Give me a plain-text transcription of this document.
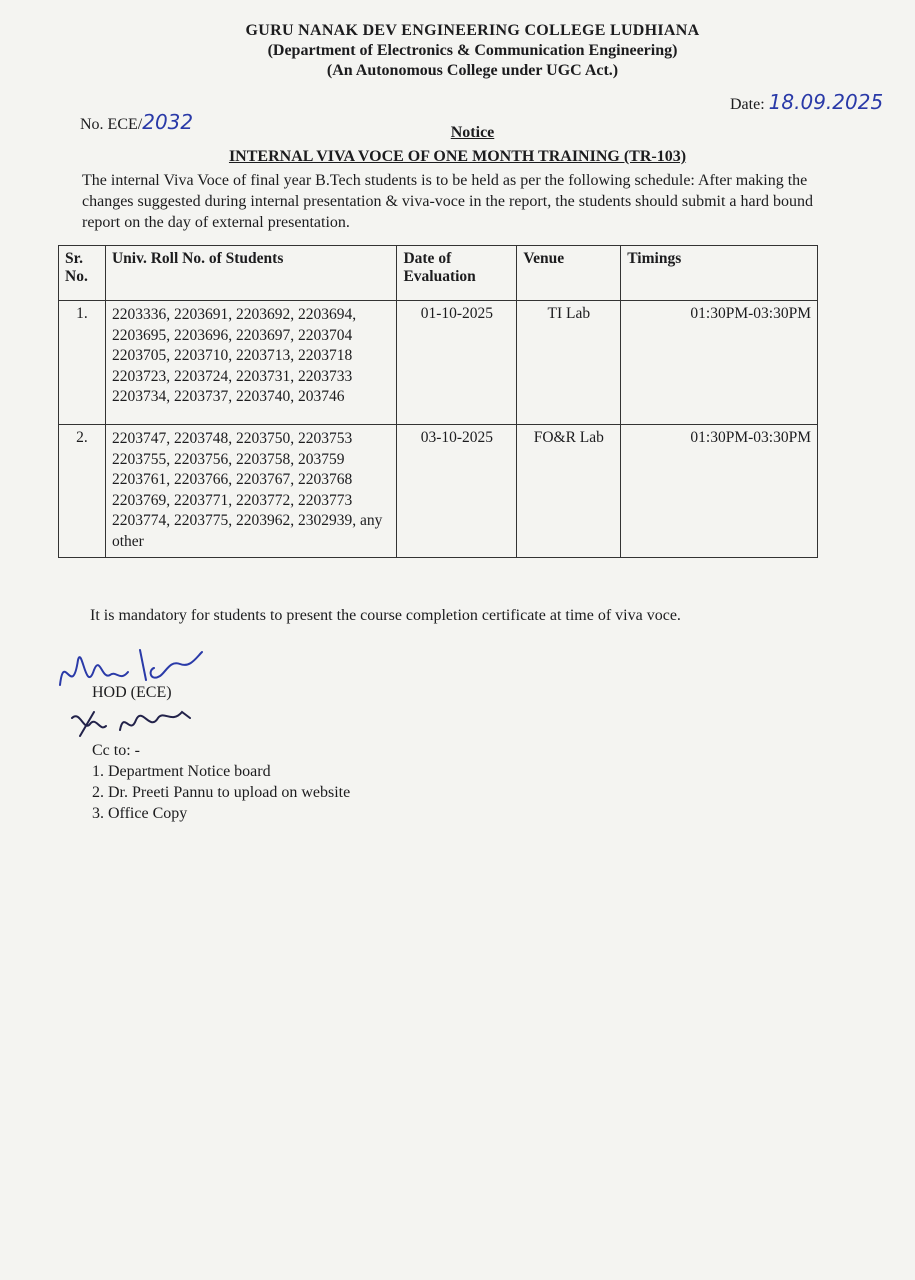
GURU NANAK DEV ENGINEERING COLLEGE LUDHIANA
(Department of Electronics & Communication Engineering)
(An Autonomous College under UGC Act.)
No. ECE/2032
Date: 18.09.2025
Notice
INTERNAL VIVA VOCE OF ONE MONTH TRAINING (TR-103)
The internal Viva Voce of final year B.Tech students is to be held as per the following schedule: After making the changes suggested during internal presentation & viva-voce in the report, the students should submit a hard bound report on the day of external presentation.
Sr. No.	Univ. Roll No. of Students	Date of Evaluation	Venue	Timings
1.	2203336, 2203691, 2203692, 2203694, 2203695, 2203696, 2203697, 2203704 2203705, 2203710, 2203713, 2203718 2203723, 2203724, 2203731, 2203733 2203734, 2203737, 2203740, 203746	01-10-2025	TI Lab	01:30PM-03:30PM
2.	2203747, 2203748, 2203750, 2203753 2203755, 2203756, 2203758, 203759 2203761, 2203766, 2203767, 2203768 2203769, 2203771, 2203772, 2203773 2203774, 2203775, 2203962, 2302939, any other	03-10-2025	FO&R Lab	01:30PM-03:30PM
It is mandatory for students to present the course completion certificate at time of viva voce.
HOD (ECE)
Cc to: -
1. Department Notice board
2. Dr. Preeti Pannu to upload on website
3. Office Copy
